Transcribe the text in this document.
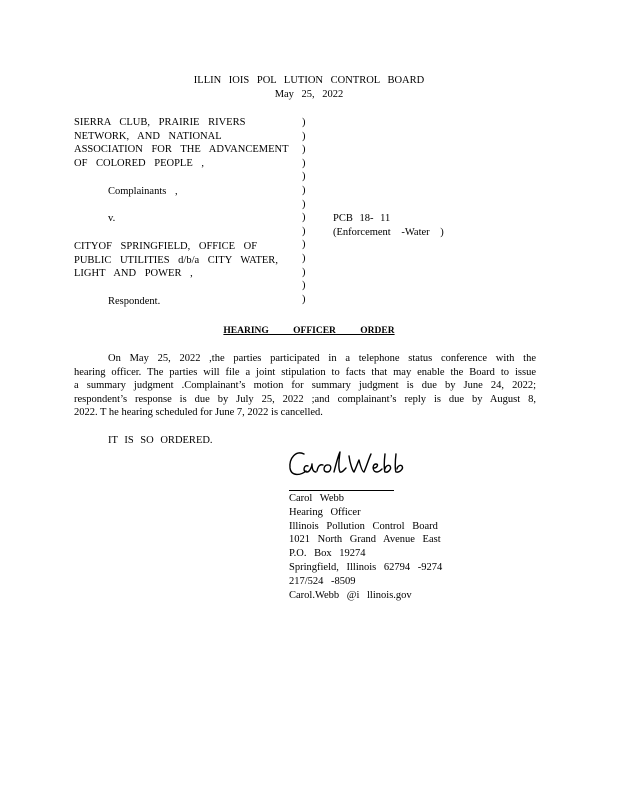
ILLIN IOIS POL LUTION CONTROL BOARD
May 25, 2022
SIERRA CLUB, PRAIRIE RIVERS
NETWORK, AND NATIONAL
ASSOCIATION FOR THE ADVANCEMENT
OF COLORED PEOPLE ,
Complainants ,
v.
CITYOF SPRINGFIELD, OFFICE OF
PUBLIC UTILITIES d/b/a CITY WATER,
LIGHT AND POWER ,
Respondent.
)
)
)
)
)
)
)
)
)
)
)
)
)
)
PCB 18- 11
(Enforcement -Water )
HEARING OFFICER ORDER
On May 25, 2022 ,the parties participated in a telephone status conference with the
hearing officer. The parties will file a joint stipulation to facts that may enable the Board to issue
a summary judgment .Complainant’s motion for summary judgment is due by June 24, 2022;
respondent’s response is due by July 25, 2022 ;and complainant’s reply is due by August 8,
2022. T he hearing scheduled for June 7, 2022 is cancelled.
IT IS SO ORDERED.
Carol Webb
Hearing Officer
Illinois Pollution Control Board
1021 North Grand Avenue East
P.O. Box 19274
Springfield, Illinois 62794 -9274
217/524 -8509
Carol.Webb @i llinois.gov
